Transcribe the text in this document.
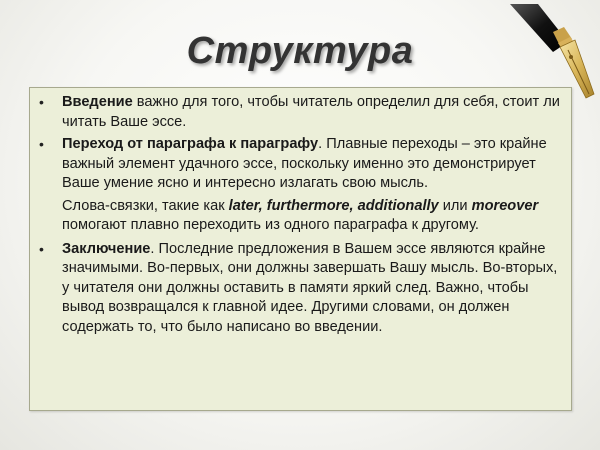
Структура
• Введение важно для того, чтобы читатель определил для себя, стоит ли читать Ваше эссе.
• Переход от параграфа к параграфу. Плавные переходы – это крайне важный элемент удачного эссе, поскольку именно это демонстрирует Ваше умение ясно и интересно излагать свою мысль.
Слова-связки, такие как later, furthermore, additionally или moreover помогают плавно переходить из одного параграфа к другому.
• Заключение. Последние предложения в Вашем эссе являются крайне значимыми. Во-первых, они должны завершать Вашу мысль. Во-вторых, у читателя они должны оставить в памяти яркий след. Важно, чтобы вывод возвращался к главной идее. Другими словами, он должен содержать то, что было написано во введении.
